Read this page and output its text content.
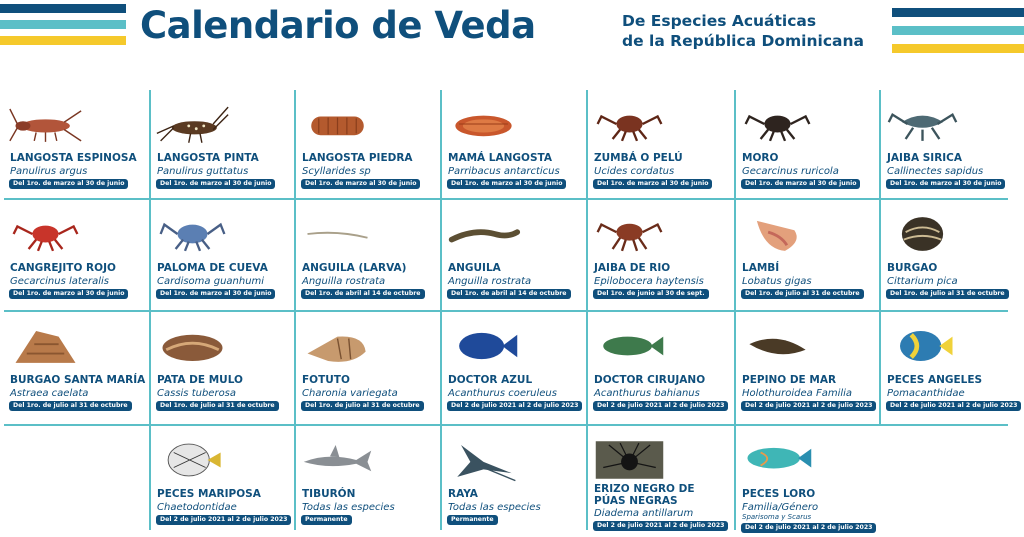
Calendario de Veda	De Especies Acuáticas
de la República Dominicana
LANGOSTA ESPINOSA
Panulirus argus
Del 1ro. de marzo al 30 de junio
LANGOSTA PINTA
Panulirus guttatus
Del 1ro. de marzo al 30 de junio
LANGOSTA PIEDRA
Scyllarides sp
Del 1ro. de marzo al 30 de junio
MAMÁ LANGOSTA
Parribacus antarcticus
Del 1ro. de marzo al 30 de junio
ZUMBÁ O PELÚ
Ucides cordatus
Del 1ro. de marzo al 30 de junio
MORO
Gecarcinus ruricola
Del 1ro. de marzo al 30 de junio
JAIBA SIRICA
Callinectes sapidus
Del 1ro. de marzo al 30 de junio
CANGREJITO ROJO
Gecarcinus lateralis
Del 1ro. de marzo al 30 de junio
PALOMA DE CUEVA
Cardisoma guanhumi
Del 1ro. de marzo al 30 de junio
ANGUILA (LARVA)
Anguilla rostrata
Del 1ro. de abril al 14 de octubre
ANGUILA
Anguilla rostrata
Del 1ro. de abril al 14 de octubre
JAIBA DE RIO
Epilobocera haytensis
Del 1ro. de junio al 30 de sept.
LAMBÍ
Lobatus gigas
Del 1ro. de julio al 31 de octubre
BURGAO
Cittarium pica
Del 1ro. de julio al 31 de octubre
BURGAO SANTA MARÍA
Astraea caelata
Del 1ro. de julio al 31 de octubre
PATA DE MULO
Cassis tuberosa
Del 1ro. de julio al 31 de octubre
FOTUTO
Charonia variegata
Del 1ro. de julio al 31 de octubre
DOCTOR AZUL
Acanthurus coeruleus
Del 2 de julio 2021 al 2 de julio 2023
DOCTOR CIRUJANO
Acanthurus bahianus
Del 2 de julio 2021 al 2 de julio 2023
PEPINO DE MAR
Holothuroidea Familia
Del 2 de julio 2021 al 2 de julio 2023
PECES ANGELES
Pomacanthidae
Del 2 de julio 2021 al 2 de julio 2023
PECES MARIPOSA
Chaetodontidae
Del 2 de julio 2021 al 2 de julio 2023
TIBURÓN
Todas las especies
Permanente
RAYA
Todas las especies
Permanente
ERIZO NEGRO DE PÚAS NEGRAS
Diadema antillarum
Del 2 de julio 2021 al 2 de julio 2023
PECES LORO
Familia/Género
Sparisoma y Scarus
Del 2 de julio 2021 al 2 de julio 2023
